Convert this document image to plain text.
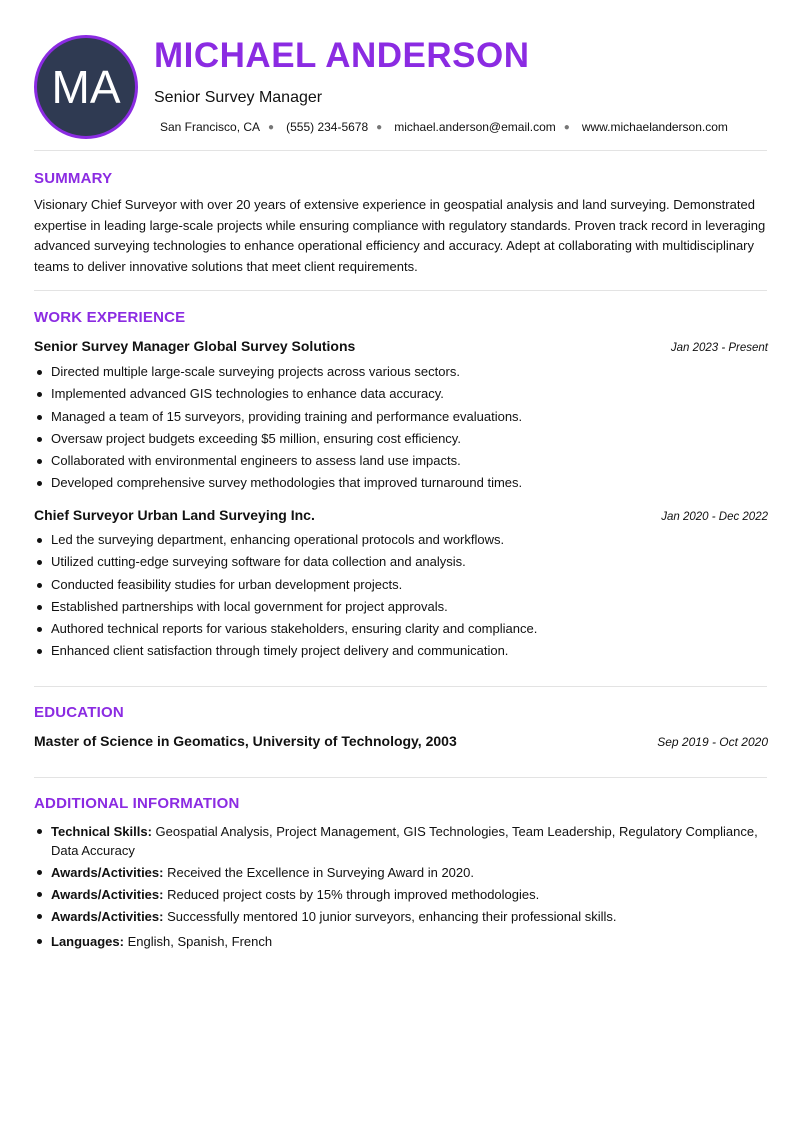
MA
MICHAEL ANDERSON
Senior Survey Manager
San Francisco, CA ● (555) 234-5678 ● michael.anderson@email.com ● www.michaelanderson.com
SUMMARY
Visionary Chief Surveyor with over 20 years of extensive experience in geospatial analysis and land surveying. Demonstrated expertise in leading large-scale projects while ensuring compliance with regulatory standards. Proven track record in leveraging advanced surveying technologies to enhance operational efficiency and accuracy. Adept at collaborating with multidisciplinary teams to deliver innovative solutions that meet client requirements.
WORK EXPERIENCE
Senior Survey Manager Global Survey Solutions	Jan 2023 - Present
Directed multiple large-scale surveying projects across various sectors.
Implemented advanced GIS technologies to enhance data accuracy.
Managed a team of 15 surveyors, providing training and performance evaluations.
Oversaw project budgets exceeding $5 million, ensuring cost efficiency.
Collaborated with environmental engineers to assess land use impacts.
Developed comprehensive survey methodologies that improved turnaround times.
Chief Surveyor Urban Land Surveying Inc.	Jan 2020 - Dec 2022
Led the surveying department, enhancing operational protocols and workflows.
Utilized cutting-edge surveying software for data collection and analysis.
Conducted feasibility studies for urban development projects.
Established partnerships with local government for project approvals.
Authored technical reports for various stakeholders, ensuring clarity and compliance.
Enhanced client satisfaction through timely project delivery and communication.
EDUCATION
Master of Science in Geomatics, University of Technology, 2003	Sep 2019 - Oct 2020
ADDITIONAL INFORMATION
Technical Skills: Geospatial Analysis, Project Management, GIS Technologies, Team Leadership, Regulatory Compliance, Data Accuracy
Awards/Activities: Received the Excellence in Surveying Award in 2020.
Awards/Activities: Reduced project costs by 15% through improved methodologies.
Awards/Activities: Successfully mentored 10 junior surveyors, enhancing their professional skills.
Languages: English, Spanish, French
